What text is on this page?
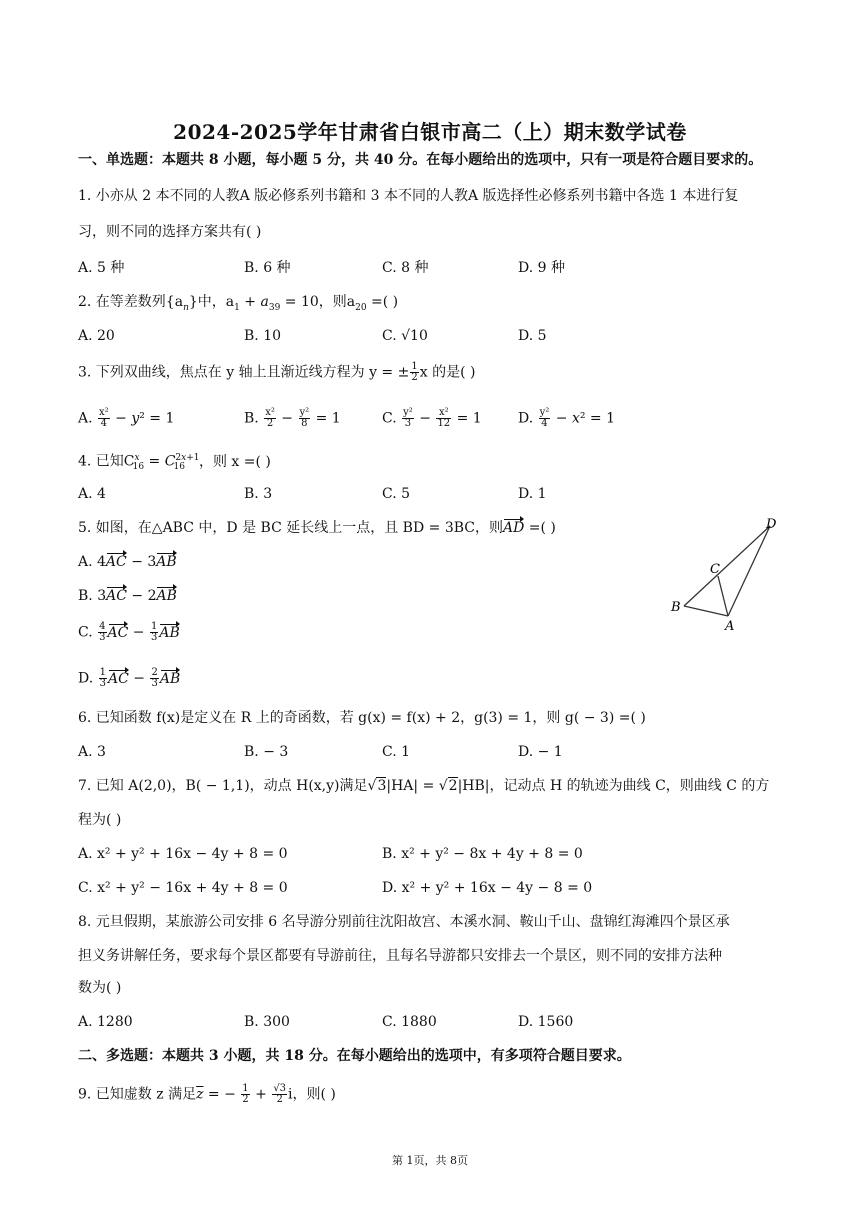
2024-2025学年甘肃省白银市高二（上）期末数学试卷
一、单选题：本题共 8 小题，每小题 5 分，共 40 分。在每小题给出的选项中，只有一项是符合题目要求的。
1. 小亦从 2 本不同的人教A 版必修系列书籍和 3 本不同的人教A 版选择性必修系列书籍中各选 1 本进行复
习，则不同的选择方案共有( )
A. 5 种	B. 6 种	C. 8 种	D. 9 种
2. 在等差数列$\{a_n\}$中，$a_1 + a_{39} = 10$，则$a_{20}$ =( )
A. 20	B. 10	C. √10	D. 5
3. 下列双曲线，焦点在 y 轴上且渐近线方程为 y = ± $\frac{1}{2}$ x 的是( )
A. $\frac{\text{x²}}{4} - y^2 = 1$	B. $\frac{\text{x²}}{2} - \frac{\text{y²}}{8} = 1$	C. $\frac{\text{y²}}{3} - \frac{\text{x²}}{12} = 1$	D. $\frac{\text{y²}}{4} - x^2 = 1$
4. 已知$C^x_{16} = C^{2x+1}_{16}$ ，则 x =( )
A. 4	B. 3	C. 5	D. 1
5. 如图，在△ABC 中，D 是 BC 延长线上一点，且 BD = 3BC，则AD =( )
A. 4AC − 3AB
B. 3AC − 2AB
C. $\frac{4}{3}$ AC − $\frac{1}{3}$ AB
D. $\frac{1}{3}$ AC − $\frac{2}{3}$ AB
D
C
B
A
6. 已知函数 f(x)是定义在 R 上的奇函数，若 g(x) = f(x) + 2，g(3) = 1，则 g( − 3) =( )
A. 3	B. − 3	C. 1	D. − 1
7. 已知 A(2,0)，B( − 1,1)，动点 H(x,y)满足√3|HA| = √2|HB|，记动点 H 的轨迹为曲线 C，则曲线 C 的方
程为( )
A. x² + y² + 16x − 4y + 8 = 0	B. x² + y² − 8x + 4y + 8 = 0
C. x² + y² − 16x + 4y + 8 = 0	D. x² + y² + 16x − 4y − 8 = 0
8. 元旦假期，某旅游公司安排 6 名导游分别前往沈阳故宫、本溪水洞、鞍山千山、盘锦红海滩四个景区承
担义务讲解任务，要求每个景区都要有导游前往，且每名导游都只安排去一个景区，则不同的安排方法种
数为( )
A. 1280	B. 300	C. 1880	D. 1560
二、多选题：本题共 3 小题，共 18 分。在每小题给出的选项中，有多项符合题目要求。
9. 已知虚数 z 满足$\overline{z}$ = − $\frac{1}{2} + \frac{√3}{2}$ i，则( )
第 1页，共 8页
